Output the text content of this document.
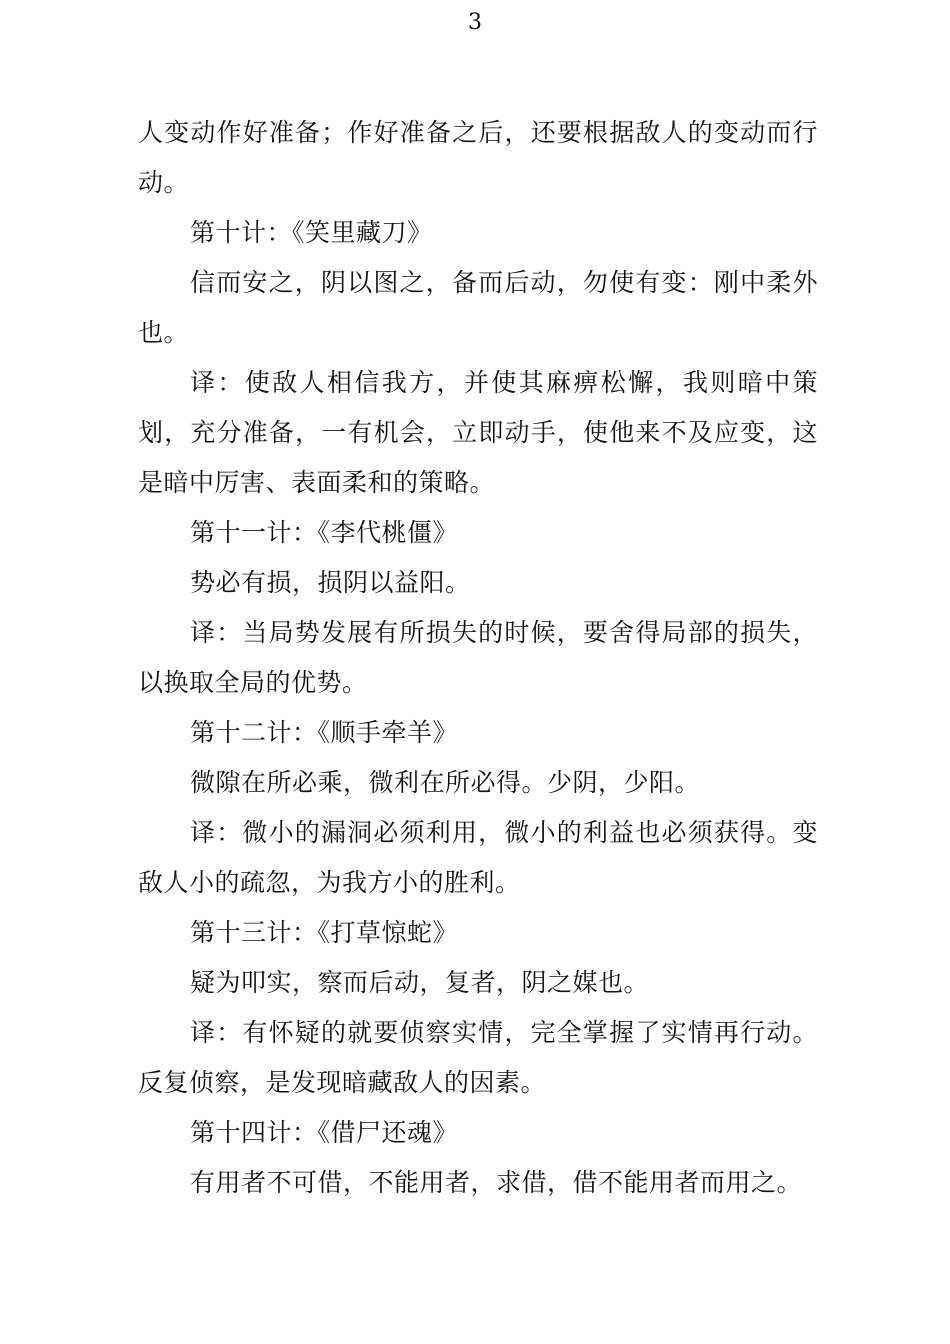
3

人变动作好准备；作好准备之后，还要根据敌人的变动而行动。

第十计：《笑里藏刀》

信而安之，阴以图之，备而后动，勿使有变：刚中柔外也。

译：使敌人相信我方，并使其麻痹松懈，我则暗中策划，充分准备，一有机会，立即动手，使他来不及应变，这是暗中厉害、表面柔和的策略。

第十一计：《李代桃僵》

势必有损，损阴以益阳。

译：当局势发展有所损失的时候，要舍得局部的损失，以换取全局的优势。

第十二计：《顺手牵羊》

微隙在所必乘，微利在所必得。少阴，少阳。

译：微小的漏洞必须利用，微小的利益也必须获得。变敌人小的疏忽，为我方小的胜利。

第十三计：《打草惊蛇》

疑为叩实，察而后动，复者，阴之媒也。

译：有怀疑的就要侦察实情，完全掌握了实情再行动。反复侦察，是发现暗藏敌人的因素。

第十四计：《借尸还魂》

有用者不可借，不能用者，求借，借不能用者而用之。
